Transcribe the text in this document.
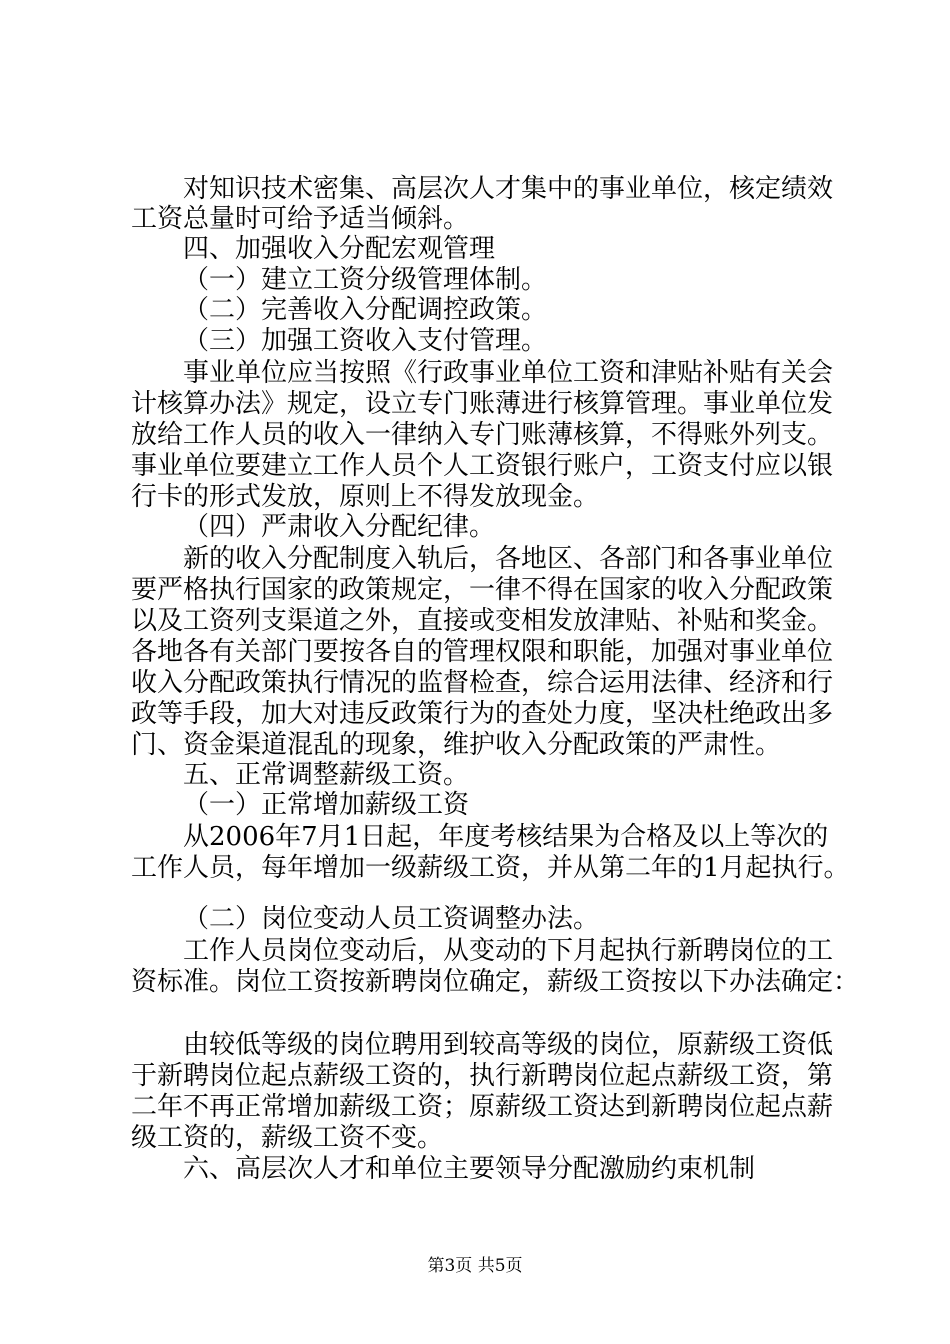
对知识技术密集、高层次人才集中的事业单位，核定绩效
工资总量时可给予适当倾斜。
四、加强收入分配宏观管理
（一）建立工资分级管理体制。
（二）完善收入分配调控政策。
（三）加强工资收入支付管理。
事业单位应当按照《行政事业单位工资和津贴补贴有关会
计核算办法》规定，设立专门账薄进行核算管理。事业单位发
放给工作人员的收入一律纳入专门账薄核算，不得账外列支。
事业单位要建立工作人员个人工资银行账户，工资支付应以银
行卡的形式发放，原则上不得发放现金。
（四）严肃收入分配纪律。
新的收入分配制度入轨后，各地区、各部门和各事业单位
要严格执行国家的政策规定，一律不得在国家的收入分配政策
以及工资列支渠道之外，直接或变相发放津贴、补贴和奖金。
各地各有关部门要按各自的管理权限和职能，加强对事业单位
收入分配政策执行情况的监督检查，综合运用法律、经济和行
政等手段，加大对违反政策行为的查处力度，坚决杜绝政出多
门、资金渠道混乱的现象，维护收入分配政策的严肃性。
五、正常调整薪级工资。
（一）正常增加薪级工资
从2006年7月1日起，年度考核结果为合格及以上等次的
工作人员，每年增加一级薪级工资，并从第二年的1月起执行。
（二）岗位变动人员工资调整办法。
工作人员岗位变动后，从变动的下月起执行新聘岗位的工
资标准。岗位工资按新聘岗位确定，薪级工资按以下办法确定：
由较低等级的岗位聘用到较高等级的岗位，原薪级工资低
于新聘岗位起点薪级工资的，执行新聘岗位起点薪级工资，第
二年不再正常增加薪级工资；原薪级工资达到新聘岗位起点薪
级工资的，薪级工资不变。
六、高层次人才和单位主要领导分配激励约束机制
第3页 共5页
